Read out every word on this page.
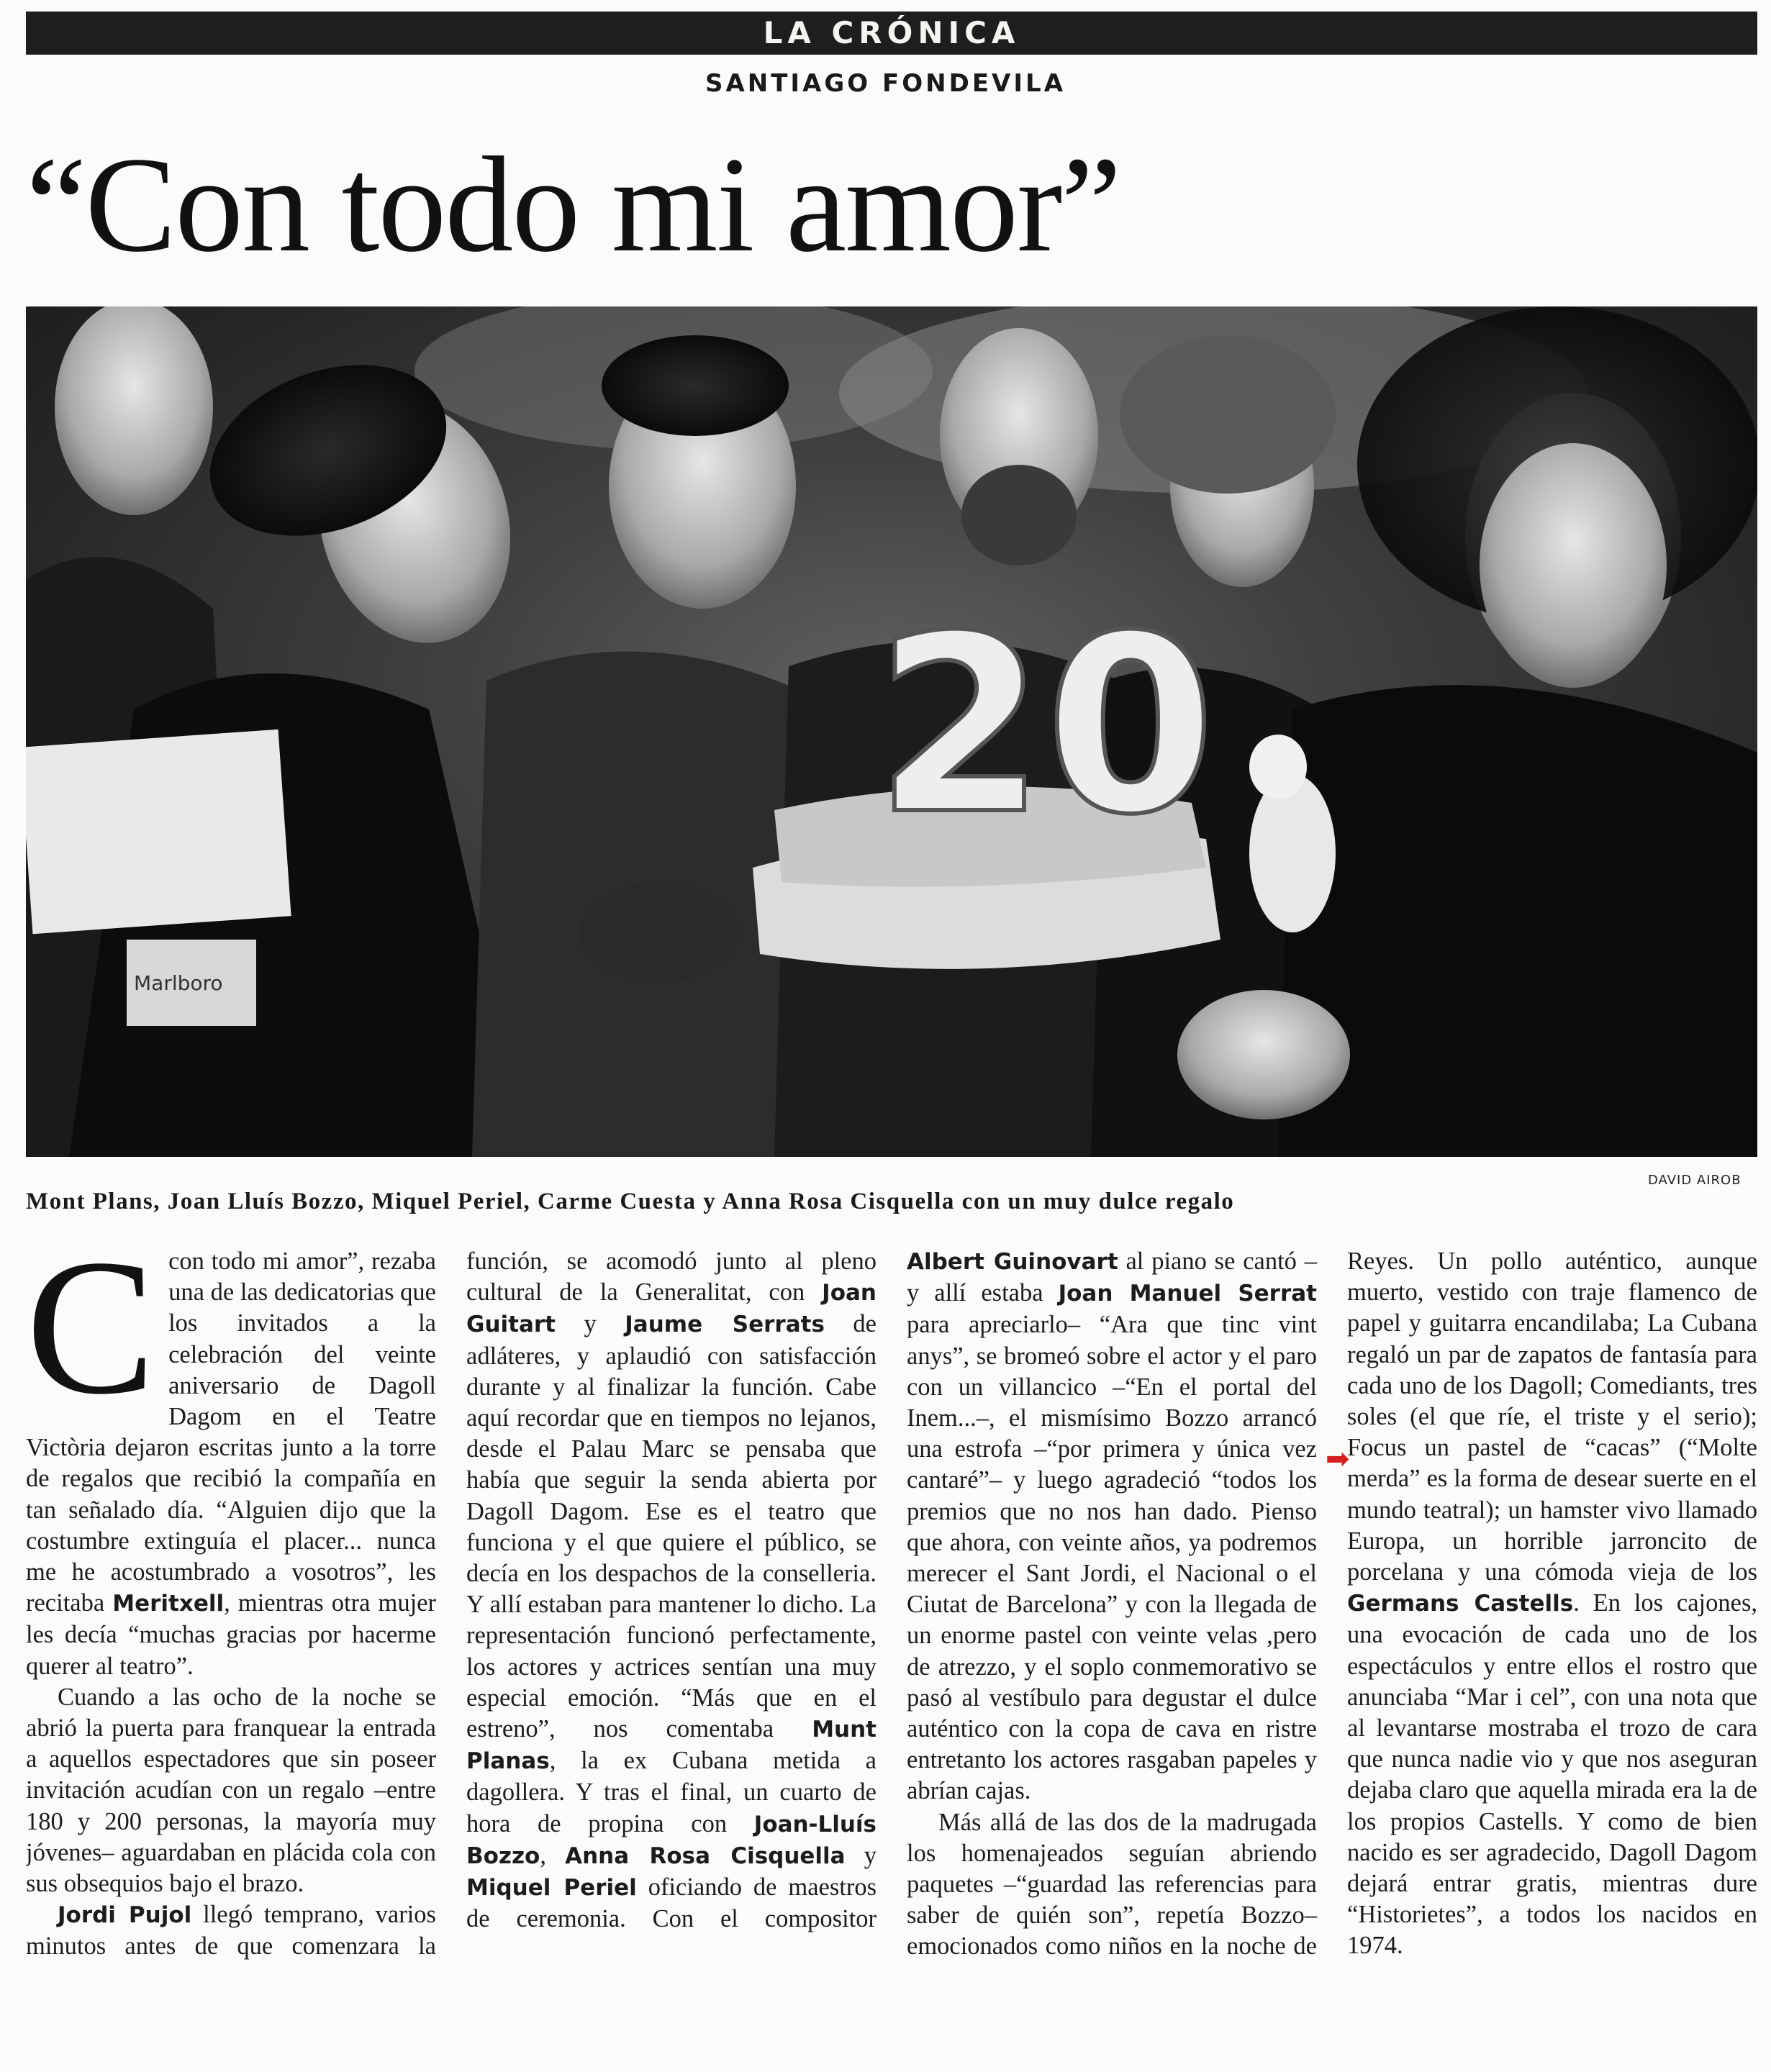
LA CRÓNICA
SANTIAGO FONDEVILA
“Con todo mi amor”
20
Marlboro
DAVID AIROB
Mont Plans, Joan Lluís Bozzo, Miquel Periel, Carme Cuesta y Anna Rosa Cisquella con un muy dulce regalo

Ccon todo mi amor”, rezaba una de las dedicatorias que los invitados a la celebración del veinte aniversario de Dagoll Dagom en el Teatre Victòria dejaron escritas junto a la torre de regalos que recibió la compañía en tan señalado día. “Alguien dijo que la costumbre extinguía el placer... nunca me he acostumbrado a vosotros”, les recitaba Meritxell, mientras otra mujer les decía “muchas gracias por hacerme querer al teatro”.

Cuando a las ocho de la noche se abrió la puerta para franquear la entrada a aquellos espectadores que sin poseer invitación acudían con un regalo –entre 180 y 200 personas, la mayoría muy jóvenes– aguardaban en plácida cola con sus obsequios bajo el brazo.

Jordi Pujol llegó temprano, varios minutos antes de que comenzara la función, se acomodó junto al pleno cultural de la Generalitat, con Joan Guitart y Jaume Serrats de adláteres, y aplaudió con satisfacción durante y al finalizar la función. Cabe aquí recordar que en tiempos no lejanos, desde el Palau Marc se pensaba que había que seguir la senda abierta por Dagoll Dagom. Ese es el teatro que funciona y el que quiere el público, se decía en los despachos de la conselleria. Y allí estaban para mantener lo dicho. La representación funcionó perfectamente, los actores y actrices sentían una muy especial emoción. “Más que en el estreno”, nos comentaba Munt Planas, la ex Cubana metida a dagollera. Y tras el final, un cuarto de hora de propina con Joan-Lluís Bozzo, Anna Rosa Cisquella y Miquel Periel oficiando de maestros de ceremonia. Con el compositor Albert Guinovart al piano se cantó –y allí estaba Joan Manuel Serrat para apreciarlo– “Ara que tinc vint anys”, se bromeó sobre el actor y el paro con un villancico –“En el portal del Inem...–, el mismísimo Bozzo arrancó una estrofa –“por primera y única vez cantaré”– y luego agradeció “todos los premios que no nos han dado. Pienso que ahora, con veinte años, ya podremos merecer el Sant Jordi, el Nacional o el Ciutat de Barcelona” y con la llegada de un enorme pastel con veinte velas ,pero de atrezzo, y el soplo conmemorativo se pasó al vestíbulo para degustar el dulce auténtico con la copa de cava en ristre entretanto los actores rasgaban papeles y abrían cajas.

Más allá de las dos de la madrugada los homenajeados seguían abriendo paquetes –“guardad las referencias para saber de quién son”, repetía Bozzo– emocionados como niños en la noche de Reyes. Un pollo auténtico, aunque muerto, vestido con traje flamenco de papel y guitarra encandilaba; La Cubana regaló un par de zapatos de fantasía para cada uno de los Dagoll; Comediants, tres soles (el que ríe, el triste y el serio); Focus un pastel de “cacas” (“Molte merda” es la forma de desear suerte en el mundo teatral); un hamster vivo llamado Europa, un horrible jarroncito de porcelana y una cómoda vieja de los Germans Castells. En los cajones, una evocación de cada uno de los espectáculos y entre ellos el rostro que anunciaba “Mar i cel”, con una nota que al levantarse mostraba el trozo de cara que nunca nadie vio y que nos aseguran dejaba claro que aquella mirada era la de los propios Castells. Y como de bien nacido es ser agradecido, Dagoll Dagom dejará entrar gratis, mientras dure “Historietes”, a todos los nacidos en 1974.

➡
